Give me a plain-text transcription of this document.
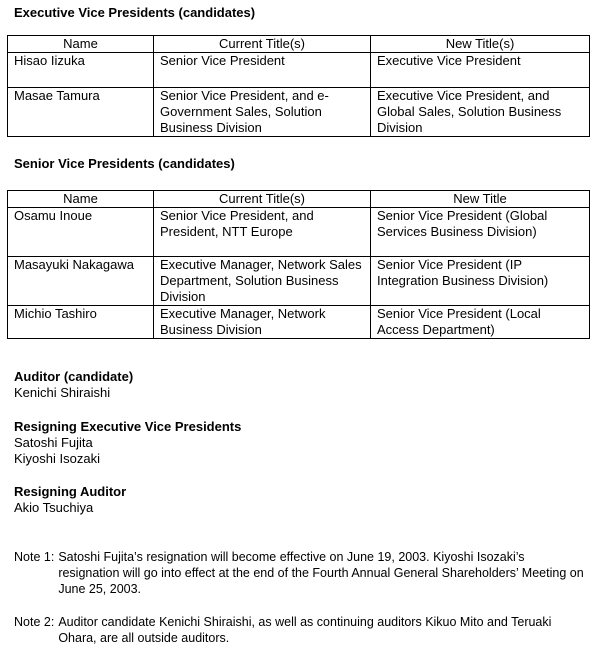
Executive Vice Presidents (candidates)
Name	Current Title(s)	New Title(s)
Hisao Iizuka	Senior Vice President	Executive Vice President
Masae Tamura	Senior Vice President, and e-Government Sales, Solution Business Division	Executive Vice President, and Global Sales, Solution Business Division
Senior Vice Presidents (candidates)
Name	Current Title(s)	New Title
Osamu Inoue	Senior Vice President, and President, NTT Europe	Senior Vice President (Global Services Business Division)
Masayuki Nakagawa	Executive Manager, Network Sales Department, Solution Business Division	Senior Vice President (IP Integration Business Division)
Michio Tashiro	Executive Manager, Network Business Division	Senior Vice President (Local Access Department)
Auditor (candidate)
Kenichi Shiraishi
Resigning Executive Vice Presidents
Satoshi Fujita
Kiyoshi Isozaki
Resigning Auditor
Akio Tsuchiya
Note 1: Satoshi Fujita’s resignation will become effective on June 19, 2003. Kiyoshi Isozaki’s resignation will go into effect at the end of the Fourth Annual General Shareholders’ Meeting on June 25, 2003.
Note 2: Auditor candidate Kenichi Shiraishi, as well as continuing auditors Kikuo Mito and Teruaki Ohara, are all outside auditors.
